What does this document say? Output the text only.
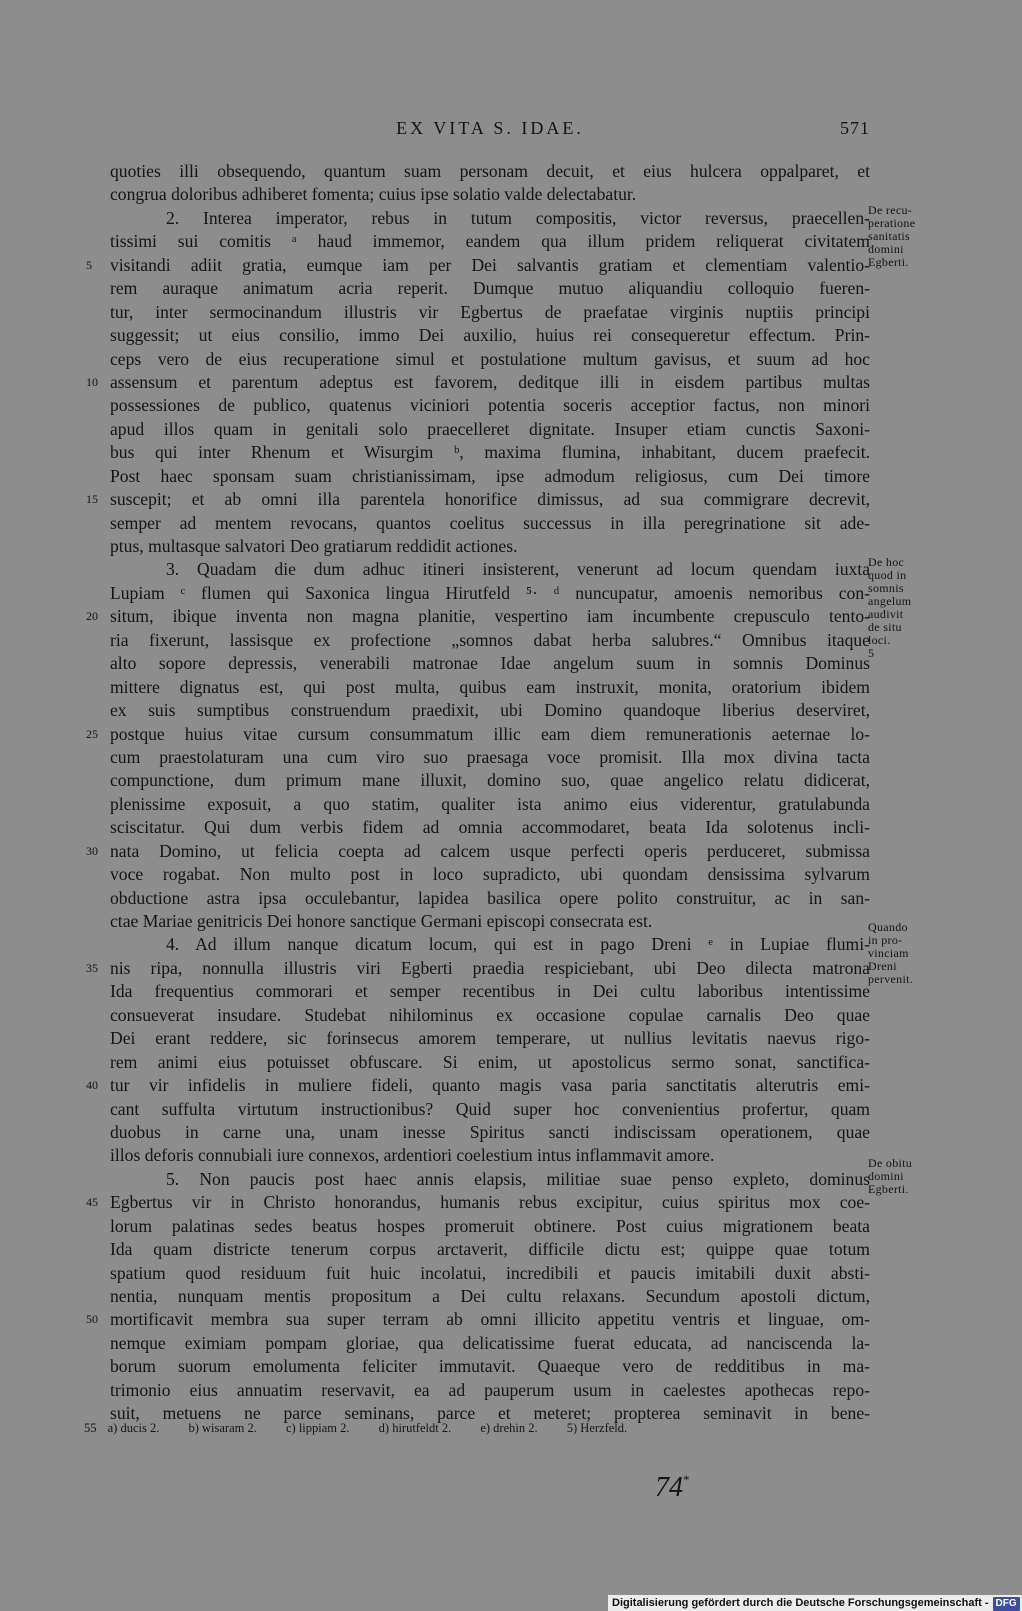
EX VITA S. IDAE.	571
quoties illi obsequendo, quantum suam personam decuit, et eius hulcera oppalparet, et
congrua doloribus adhiberet fomenta; cuius ipse solatio valde delectabatur.
2. Interea imperator, rebus in tutum compositis, victor reversus, praecellen-
tissimi sui comitis ᵃ haud immemor, eandem qua illum pridem reliquerat civitatem
5	visitandi adiit gratia, eumque iam per Dei salvantis gratiam et clementiam valentio-
rem auraque animatum acria reperit. Dumque mutuo aliquandiu colloquio fueren-
tur, inter sermocinandum illustris vir Egbertus de praefatae virginis nuptiis principi
suggessit; ut eius consilio, immo Dei auxilio, huius rei consequeretur effectum. Prin-
ceps vero de eius recuperatione simul et postulatione multum gavisus, et suum ad hoc
10 assensum et parentum adeptus est favorem, deditque illi in eisdem partibus multas
possessiones de publico, quatenus viciniori potentia soceris acceptior factus, non minori
apud illos quam in genitali solo praecelleret dignitate. Insuper etiam cunctis Saxoni-
bus qui inter Rhenum et Wisurgim ᵇ, maxima flumina, inhabitant, ducem praefecit.
Post haec sponsam suam christianissimam, ipse admodum religiosus, cum Dei timore
15 suscepit; et ab omni illa parentela honorifice dimissus, ad sua commigrare decrevit,
semper ad mentem revocans, quantos coelitus successus in illa peregrinatione sit ade-
ptus, multasque salvatori Deo gratiarum reddidit actiones.
3. Quadam die dum adhuc itineri insisterent, venerunt ad locum quendam iuxta
Lupiam ᶜ flumen qui Saxonica lingua Hirutfeld ⁵· ᵈ nuncupatur, amoenis nemoribus con-
20 situm, ibique inventa non magna planitie, vespertino iam incumbente crepusculo tento-
ria fixerunt, lassisque ex profectione „somnos dabat herba salubres.“ Omnibus itaque
alto sopore depressis, venerabili matronae Idae angelum suum in somnis Dominus
mittere dignatus est, qui post multa, quibus eam instruxit, monita, oratorium ibidem
ex suis sumptibus construendum praedixit, ubi Domino quandoque liberius deserviret,
25 postque huius vitae cursum consummatum illic eam diem remunerationis aeternae lo-
cum praestolaturam una cum viro suo praesaga voce promisit. Illa mox divina tacta
compunctione, dum primum mane illuxit, domino suo, quae angelico relatu didicerat,
plenissime exposuit, a quo statim, qualiter ista animo eius viderentur, gratulabunda
sciscitatur. Qui dum verbis fidem ad omnia accommodaret, beata Ida solotenus incli-
30 nata Domino, ut felicia coepta ad calcem usque perfecti operis perduceret, submissa
voce rogabat. Non multo post in loco supradicto, ubi quondam densissima sylvarum
obductione astra ipsa occulebantur, lapidea basilica opere polito construitur, ac in san-
ctae Mariae genitricis Dei honore sanctique Germani episcopi consecrata est.
4. Ad illum nanque dicatum locum, qui est in pago Dreni ᵉ in Lupiae flumi-
35 nis ripa, nonnulla illustris viri Egberti praedia respiciebant, ubi Deo dilecta matrona
Ida frequentius commorari et semper recentibus in Dei cultu laboribus intentissime
consueverat insudare. Studebat nihilominus ex occasione copulae carnalis Deo quae
Dei erant reddere, sic forinsecus amorem temperare, ut nullius levitatis naevus rigo-
rem animi eius potuisset obfuscare. Si enim, ut apostolicus sermo sonat, sanctifica-
40 tur vir infidelis in muliere fideli, quanto magis vasa paria sanctitatis alterutris emi-
cant suffulta virtutum instructionibus? Quid super hoc convenientius profertur, quam
duobus in carne una, unam inesse Spiritus sancti indiscissam operationem, quae
illos deforis connubiali iure connexos, ardentiori coelestium intus inflammavit amore.
5. Non paucis post haec annis elapsis, militiae suae penso expleto, dominus
45 Egbertus vir in Christo honorandus, humanis rebus excipitur, cuius spiritus mox coe-
lorum palatinas sedes beatus hospes promeruit obtinere. Post cuius migrationem beata
Ida quam districte tenerum corpus arctaverit, difficile dictu est; quippe quae totum
spatium quod residuum fuit huic incolatui, incredibili et paucis imitabili duxit absti-
nentia, nunquam mentis propositum a Dei cultu relaxans. Secundum apostoli dictum,
50 mortificavit membra sua super terram ab omni illicito appetitu ventris et linguae, om-
nemque eximiam pompam gloriae, qua delicatissime fuerat educata, ad nanciscenda la-
borum suorum emolumenta feliciter immutavit. Quaeque vero de redditibus in ma-
trimonio eius annuatim reservavit, ea ad pauperum usum in caelestes apothecas repo-
suit, metuens ne parce seminans, parce et meteret; propterea seminavit in bene-
De recu-
peratione
sanitatis
domini
Egberti.
De hoc
quod in
somnis
angelum
audivit
de situ
loci.
5
Quando
in pro-
vinciam
Dreni
pervenit.
De obitu
domini
Egberti.
55 a) ducis 2. b) wisaram 2. c) lippiam 2. d) hirutfeldt 2. e) drehin 2. 5) Herzfeld.
74*
Digitalisierung gefördert durch die Deutsche Forschungsgemeinschaft - DFG
